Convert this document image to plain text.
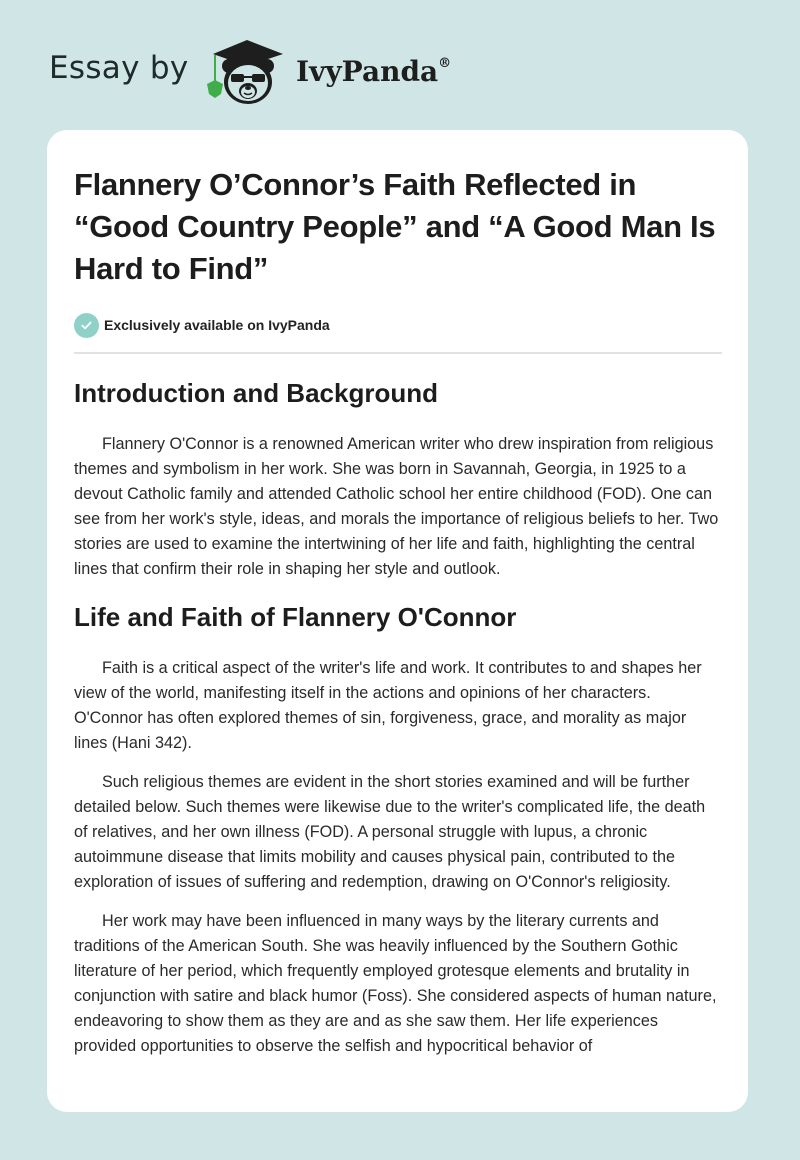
Essay by	IvyPanda®
Flannery O’Connor’s Faith Reflected in “Good Country People” and “A Good Man Is Hard to Find”
Exclusively available on IvyPanda
Introduction and Background

Flannery O'Connor is a renowned American writer who drew inspiration from religious themes and symbolism in her work. She was born in Savannah, Georgia, in 1925 to a devout Catholic family and attended Catholic school her entire childhood (FOD). One can see from her work's style, ideas, and morals the importance of religious beliefs to her. Two stories are used to examine the intertwining of her life and faith, highlighting the central lines that confirm their role in shaping her style and outlook.

Life and Faith of Flannery O'Connor

Faith is a critical aspect of the writer's life and work. It contributes to and shapes her view of the world, manifesting itself in the actions and opinions of her characters. O'Connor has often explored themes of sin, forgiveness, grace, and morality as major lines (Hani 342).

Such religious themes are evident in the short stories examined and will be further detailed below. Such themes were likewise due to the writer's complicated life, the death of relatives, and her own illness (FOD). A personal struggle with lupus, a chronic autoimmune disease that limits mobility and causes physical pain, contributed to the exploration of issues of suffering and redemption, drawing on O'Connor's religiosity.

Her work may have been influenced in many ways by the literary currents and traditions of the American South. She was heavily influenced by the Southern Gothic literature of her period, which frequently employed grotesque elements and brutality in conjunction with satire and black humor (Foss). She considered aspects of human nature, endeavoring to show them as they are and as she saw them. Her life experiences provided opportunities to observe the selfish and hypocritical behavior of
